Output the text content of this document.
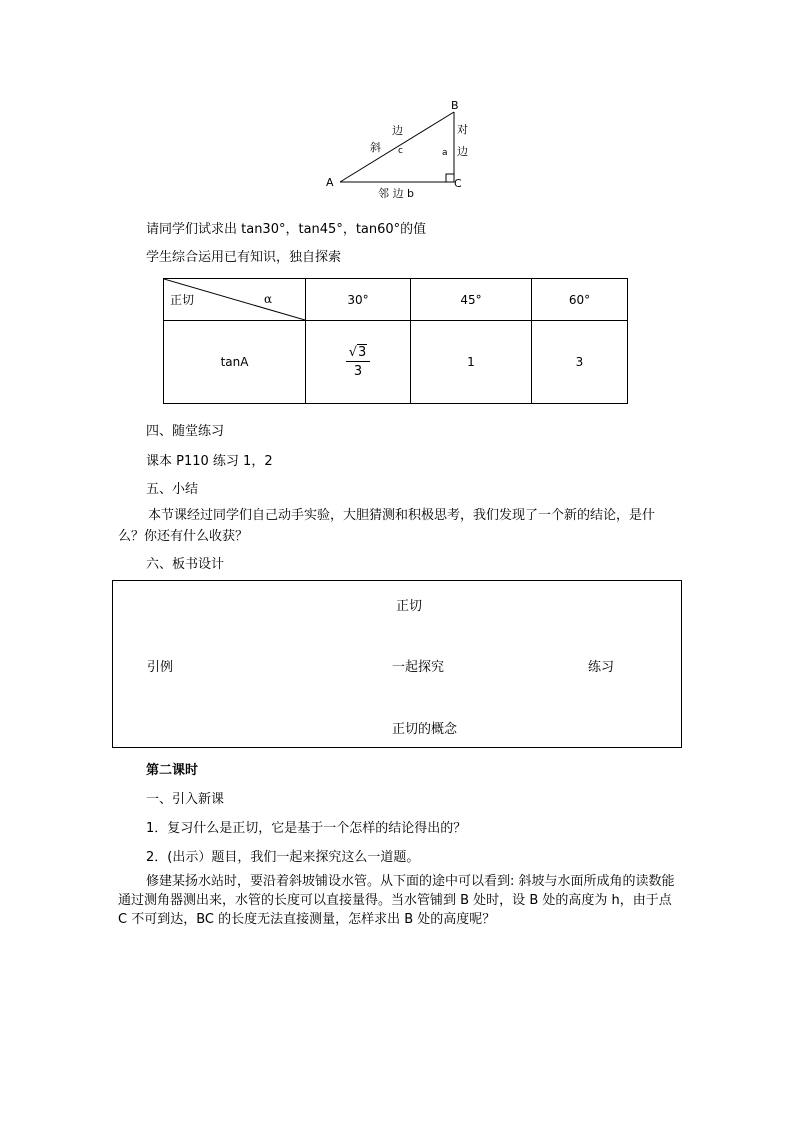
A
B
C
斜
边
c
对
边
a
邻 边 b
请同学们试求出 tan30°，tan45°，tan60°的值
学生综合运用已有知识，独自探索
正切 α	30°	45°	60°
tanA	$\frac{√3}{3}$	1	3
四、随堂练习
课本 P110 练习 1，2
五、小结
本节课经过同学们自己动手实验，大胆猜测和积极思考，我们发现了一个新的结论，是什么？你还有什么收获？
六、板书设计
正切
引例	一起探究	练习
正切的概念
第二课时
一、引入新课
1．复习什么是正切，它是基于一个怎样的结论得出的？
2．(出示）题目，我们一起来探究这么一道题。
修建某扬水站时，要沿着斜坡铺设水管。从下面的途中可以看到: 斜坡与水面所成角的读数能通过测角器测出来，水管的长度可以直接量得。当水管铺到 B 处时，设 B 处的高度为 h，由于点 C 不可到达，BC 的长度无法直接测量，怎样求出 B 处的高度呢？
